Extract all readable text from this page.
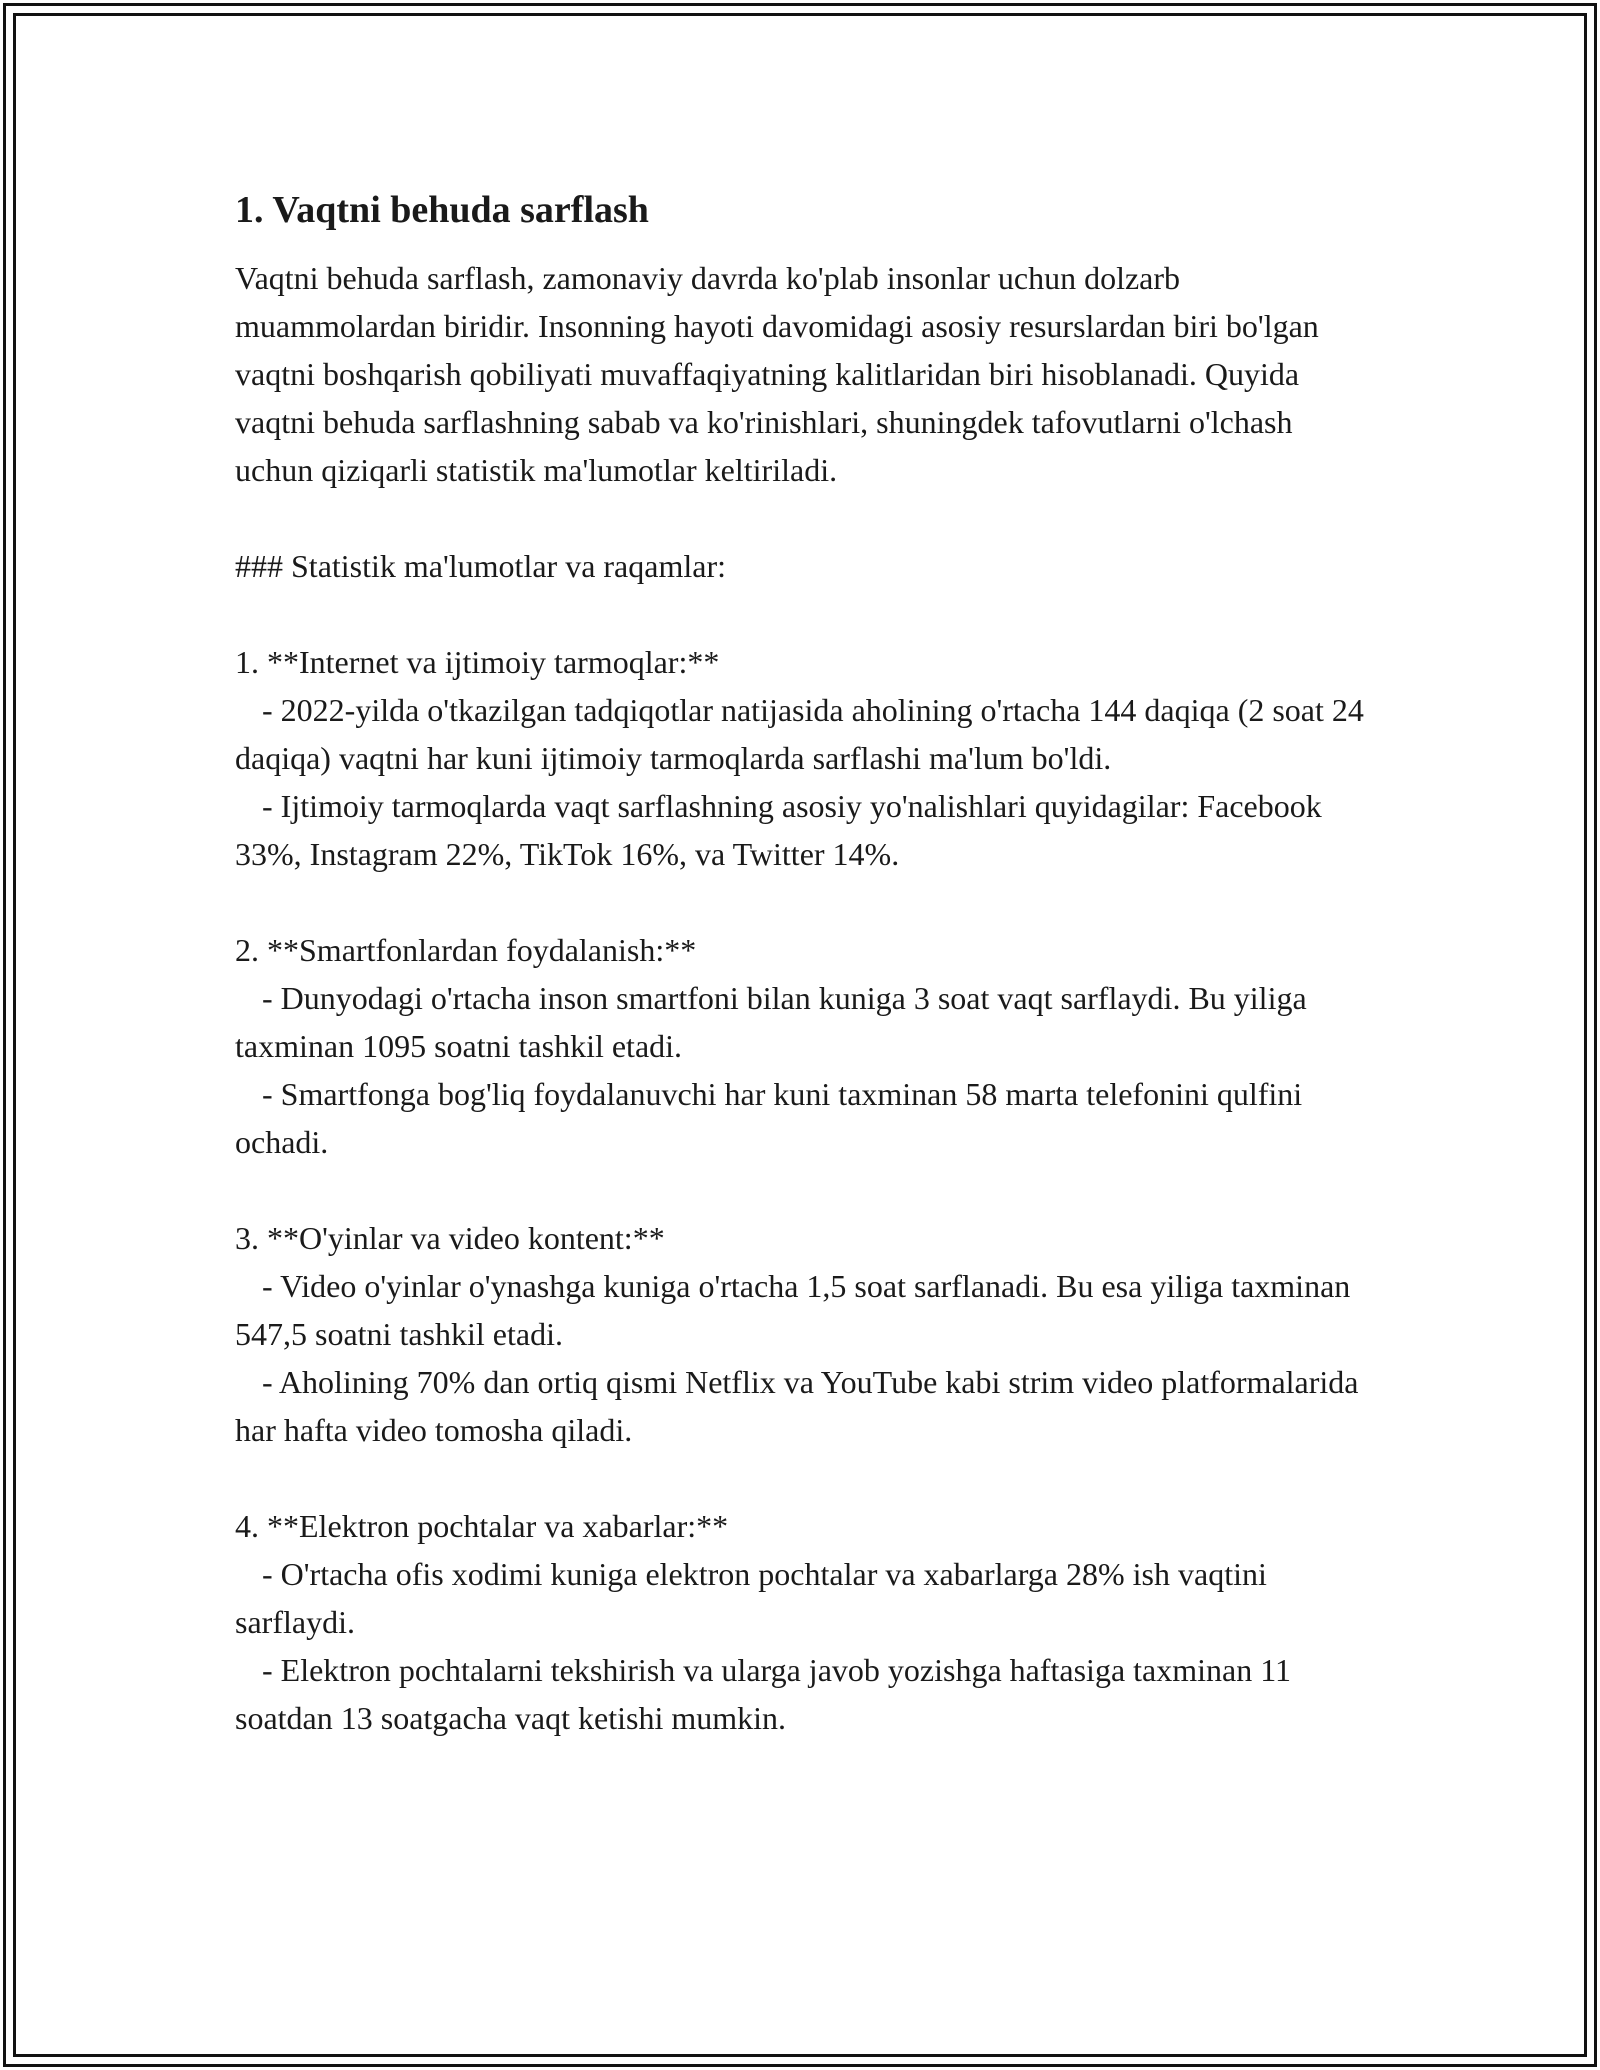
1. Vaqtni behuda sarflash

Vaqtni behuda sarflash, zamonaviy davrda ko'plab insonlar uchun dolzarb muammolardan biridir. Insonning hayoti davomidagi asosiy resurslardan biri bo'lgan vaqtni boshqarish qobiliyati muvaffaqiyatning kalitlaridan biri hisoblanadi. Quyida vaqtni behuda sarflashning sabab va ko'rinishlari, shuningdek tafovutlarni o'lchash uchun qiziqarli statistik ma'lumotlar keltiriladi.

### Statistik ma'lumotlar va raqamlar:
1. **Internet va ijtimoiy tarmoqlar:**
- 2022-yilda o'tkazilgan tadqiqotlar natijasida aholining o'rtacha 144 daqiqa (2 soat 24 daqiqa) vaqtni har kuni ijtimoiy tarmoqlarda sarflashi ma'lum bo'ldi.
- Ijtimoiy tarmoqlarda vaqt sarflashning asosiy yo'nalishlari quyidagilar: Facebook 33%, Instagram 22%, TikTok 16%, va Twitter 14%.
2. **Smartfonlardan foydalanish:**
- Dunyodagi o'rtacha inson smartfoni bilan kuniga 3 soat vaqt sarflaydi. Bu yiliga taxminan 1095 soatni tashkil etadi.
- Smartfonga bog'liq foydalanuvchi har kuni taxminan 58 marta telefonini qulfini ochadi.
3. **O'yinlar va video kontent:**
- Video o'yinlar o'ynashga kuniga o'rtacha 1,5 soat sarflanadi. Bu esa yiliga taxminan 547,5 soatni tashkil etadi.
- Aholining 70% dan ortiq qismi Netflix va YouTube kabi strim video platformalarida har hafta video tomosha qiladi.
4. **Elektron pochtalar va xabarlar:**
- O'rtacha ofis xodimi kuniga elektron pochtalar va xabarlarga 28% ish vaqtini sarflaydi.
- Elektron pochtalarni tekshirish va ularga javob yozishga haftasiga taxminan 11 soatdan 13 soatgacha vaqt ketishi mumkin.
